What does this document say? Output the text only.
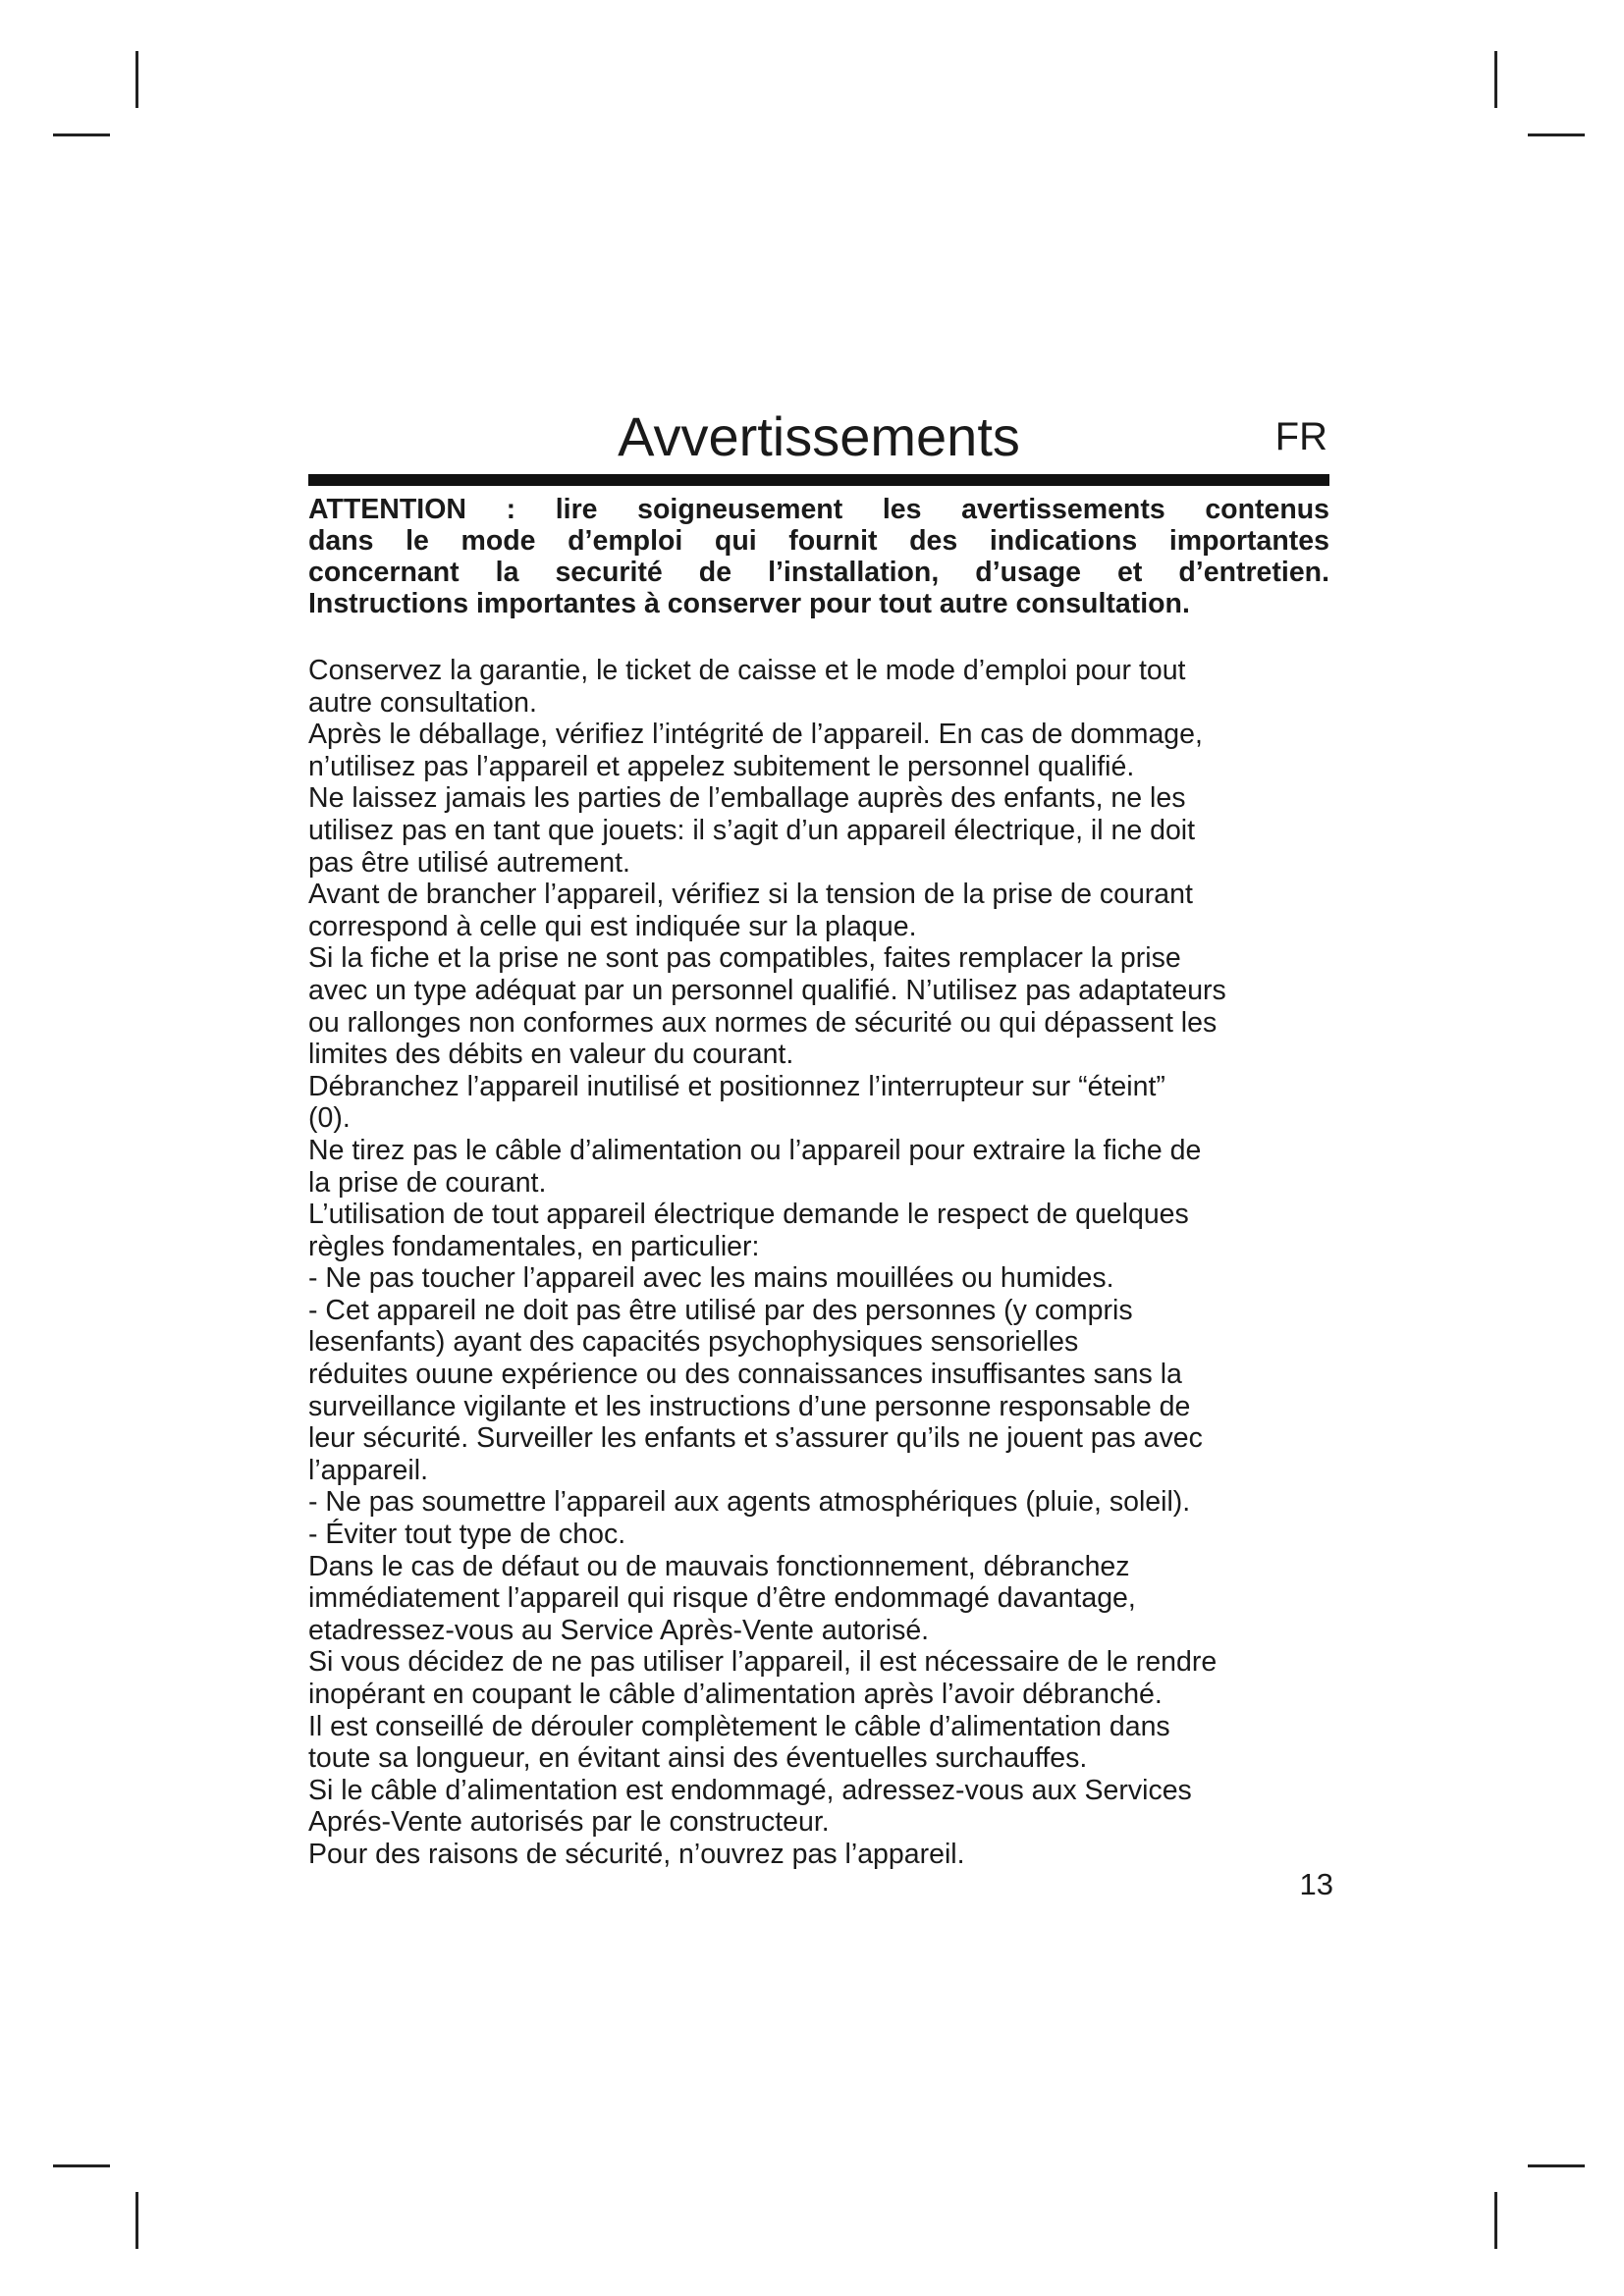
Avvertissements	FR
ATTENTION : lire soigneusement les avertissements contenus
dans le mode d’emploi qui fournit des indications importantes
concernant la securité de l’installation, d’usage et d’entretien.
Instructions importantes à conserver pour tout autre consultation.
Conservez la garantie, le ticket de caisse et le mode d’emploi pour tout
autre consultation.
Après le déballage, vérifiez l’intégrité de l’appareil. En cas de dommage,
n’utilisez pas l’appareil et appelez subitement le personnel qualifié.
Ne laissez jamais les parties de l’emballage auprès des enfants, ne les
utilisez pas en tant que jouets: il s’agit d’un appareil électrique, il ne doit
pas être utilisé autrement.
Avant de brancher l’appareil, vérifiez si la tension de la prise de courant
correspond à celle qui est indiquée sur la plaque.
Si la fiche et la prise ne sont pas compatibles, faites remplacer la prise
avec un type adéquat par un personnel qualifié. N’utilisez pas adaptateurs
ou rallonges non conformes aux normes de sécurité ou qui dépassent les
limites des débits en valeur du courant.
Débranchez l’appareil inutilisé et positionnez l’interrupteur sur “éteint”
(0).
Ne tirez pas le câble d’alimentation ou l’appareil pour extraire la fiche de
la prise de courant.
L’utilisation de tout appareil électrique demande le respect de quelques
règles fondamentales, en particulier:
- Ne pas toucher l’appareil avec les mains mouillées ou humides.
- Cet appareil ne doit pas être utilisé par des personnes (y compris
lesenfants) ayant des capacités psychophysiques sensorielles
réduites ouune expérience ou des connaissances insuffisantes sans la
surveillance vigilante et les instructions d’une personne responsable de
leur sécurité. Surveiller les enfants et s’assurer qu’ils ne jouent pas avec
l’appareil.
- Ne pas soumettre l’appareil aux agents atmosphériques (pluie, soleil).
- Éviter tout type de choc.
Dans le cas de défaut ou de mauvais fonctionnement, débranchez
immédiatement l’appareil qui risque d’être endommagé davantage,
etadressez-vous au Service Après-Vente autorisé.
Si vous décidez de ne pas utiliser l’appareil, il est nécessaire de le rendre
inopérant en coupant le câble d’alimentation après l’avoir débranché.
Il est conseillé de dérouler complètement le câble d’alimentation dans
toute sa longueur, en évitant ainsi des éventuelles surchauffes.
Si le câble d’alimentation est endommagé, adressez-vous aux Services
Aprés-Vente autorisés par le constructeur.
Pour des raisons de sécurité, n’ouvrez pas l’appareil.
13
